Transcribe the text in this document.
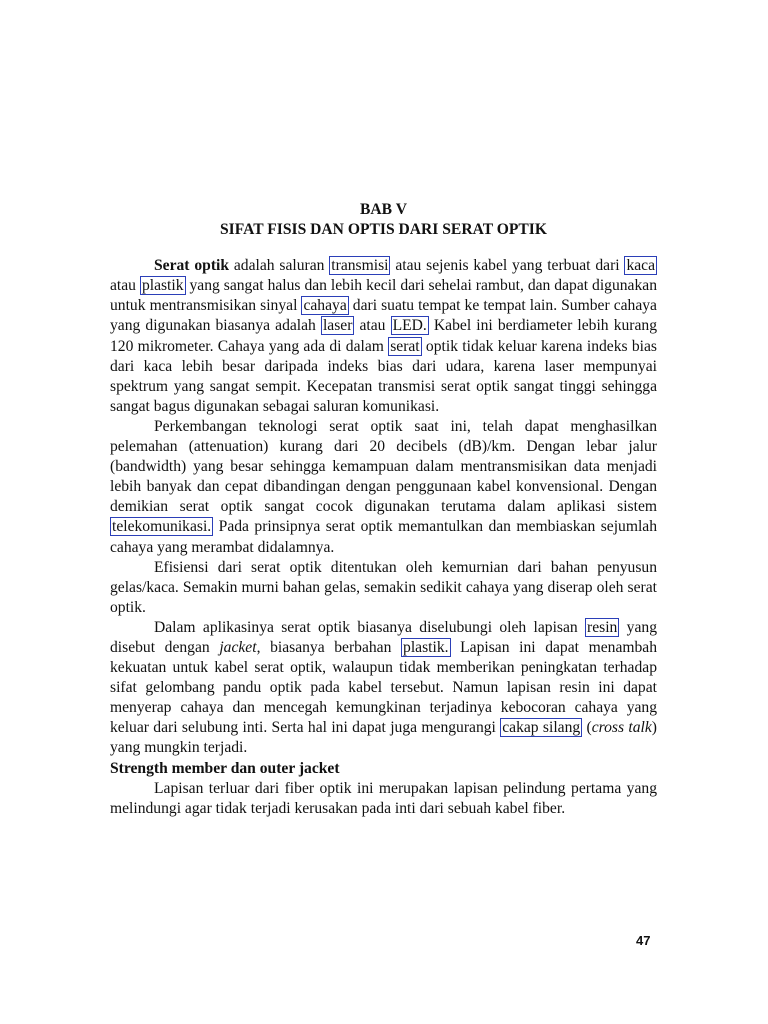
BAB V

SIFAT FISIS DAN OPTIS DARI SERAT OPTIK

Serat optik adalah saluran transmisi atau sejenis kabel yang terbuat dari kaca atau plastik yang sangat halus dan lebih kecil dari sehelai rambut, dan dapat digunakan untuk mentransmisikan sinyal cahaya dari suatu tempat ke tempat lain. Sumber cahaya yang digunakan biasanya adalah laser atau LED. Kabel ini berdiameter lebih kurang 120 mikrometer. Cahaya yang ada di dalam serat optik tidak keluar karena indeks bias dari kaca lebih besar daripada indeks bias dari udara, karena laser mempunyai spektrum yang sangat sempit. Kecepatan transmisi serat optik sangat tinggi sehingga sangat bagus digunakan sebagai saluran komunikasi.

Perkembangan teknologi serat optik saat ini, telah dapat menghasilkan pelemahan (attenuation) kurang dari 20 decibels (dB)/km. Dengan lebar jalur (bandwidth) yang besar sehingga kemampuan dalam mentransmisikan data menjadi lebih banyak dan cepat dibandingan dengan penggunaan kabel konvensional. Dengan demikian serat optik sangat cocok digunakan terutama dalam aplikasi sistem telekomunikasi. Pada prinsipnya serat optik memantulkan dan membiaskan sejumlah cahaya yang merambat didalamnya.

Efisiensi dari serat optik ditentukan oleh kemurnian dari bahan penyusun gelas/kaca. Semakin murni bahan gelas, semakin sedikit cahaya yang diserap oleh serat optik.

Dalam aplikasinya serat optik biasanya diselubungi oleh lapisan resin yang disebut dengan jacket, biasanya berbahan plastik. Lapisan ini dapat menambah kekuatan untuk kabel serat optik, walaupun tidak memberikan peningkatan terhadap sifat gelombang pandu optik pada kabel tersebut. Namun lapisan resin ini dapat menyerap cahaya dan mencegah kemungkinan terjadinya kebocoran cahaya yang keluar dari selubung inti. Serta hal ini dapat juga mengurangi cakap silang (cross talk) yang mungkin terjadi.

Strength member dan outer jacket

Lapisan terluar dari fiber optik ini merupakan lapisan pelindung pertama yang melindungi agar tidak terjadi kerusakan pada inti dari sebuah kabel fiber.

47
